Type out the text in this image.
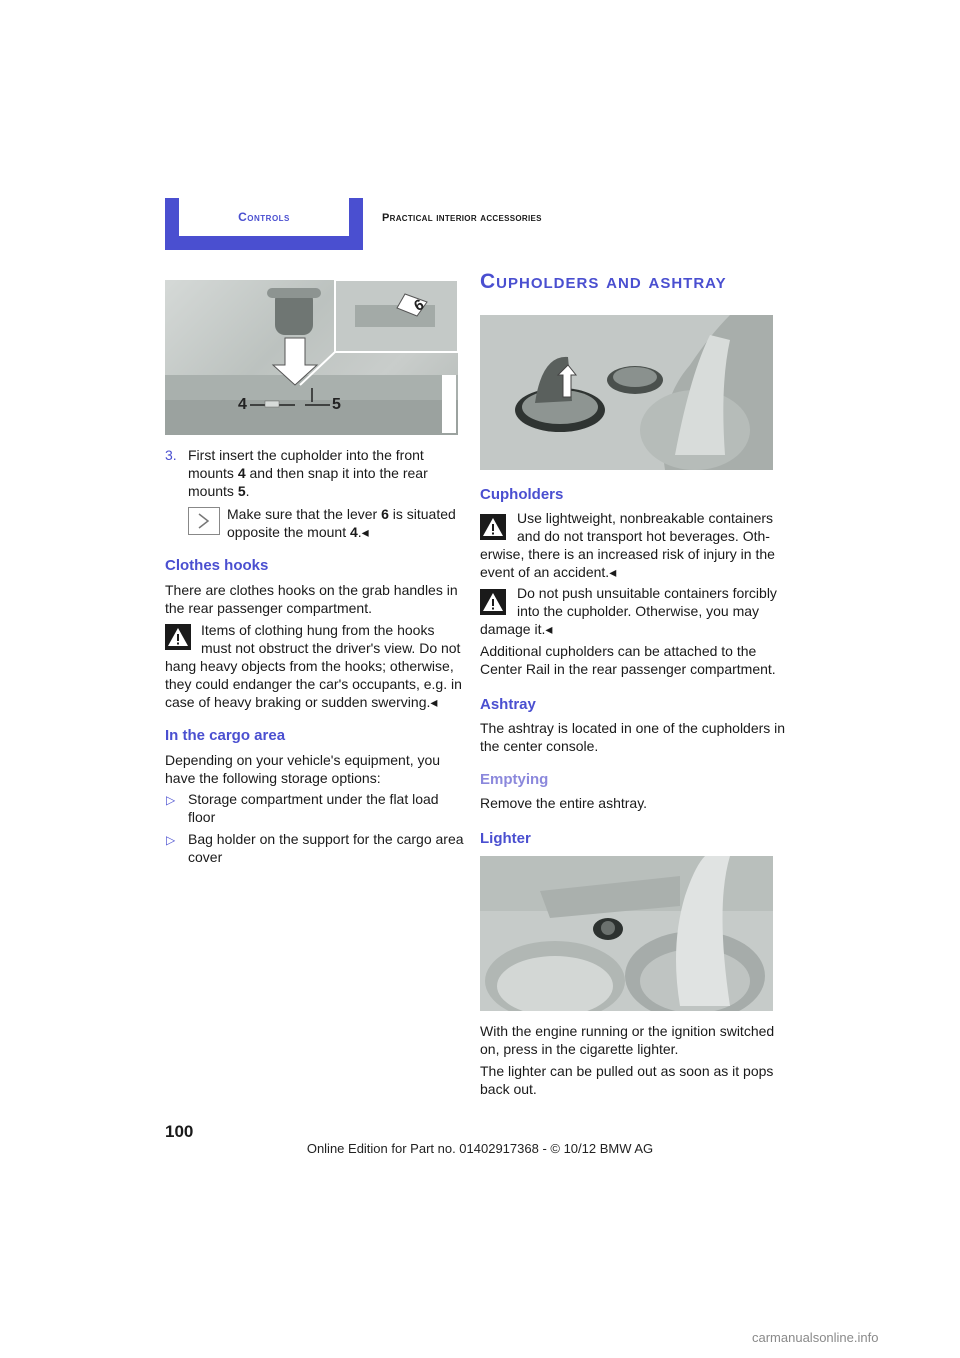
Controls	Practical interior accessories
4	5
6
3. First insert the cupholder into the front
mounts 4 and then snap it into the rear
mounts 5.
Make sure that the lever 6 is situated
opposite the mount 4.◂
Clothes hooks
There are clothes hooks on the grab handles in
the rear passenger compartment.
Items of clothing hung from the hooks
must not obstruct the driver's view. Do not
hang heavy objects from the hooks; otherwise,
they could endanger the car's occupants, e.g. in
case of heavy braking or sudden swerving.◂
In the cargo area
Depending on your vehicle's equipment, you
have the following storage options:
▷ Storage compartment under the flat load
floor
▷ Bag holder on the support for the cargo area
cover
Cupholders and ashtray
Cupholders
Use lightweight, nonbreakable containers
and do not transport hot beverages. Oth-
erwise, there is an increased risk of injury in the
event of an accident.◂
Do not push unsuitable containers forcibly
into the cupholder. Otherwise, you may
damage it.◂
Additional cupholders can be attached to the
Center Rail in the rear passenger compartment.
Ashtray
The ashtray is located in one of the cupholders in
the center console.
Emptying
Remove the entire ashtray.
Lighter
With the engine running or the ignition switched
on, press in the cigarette lighter.
The lighter can be pulled out as soon as it pops
back out.
100
Online Edition for Part no. 01402917368 - © 10/12 BMW AG
carmanualsonline.info
